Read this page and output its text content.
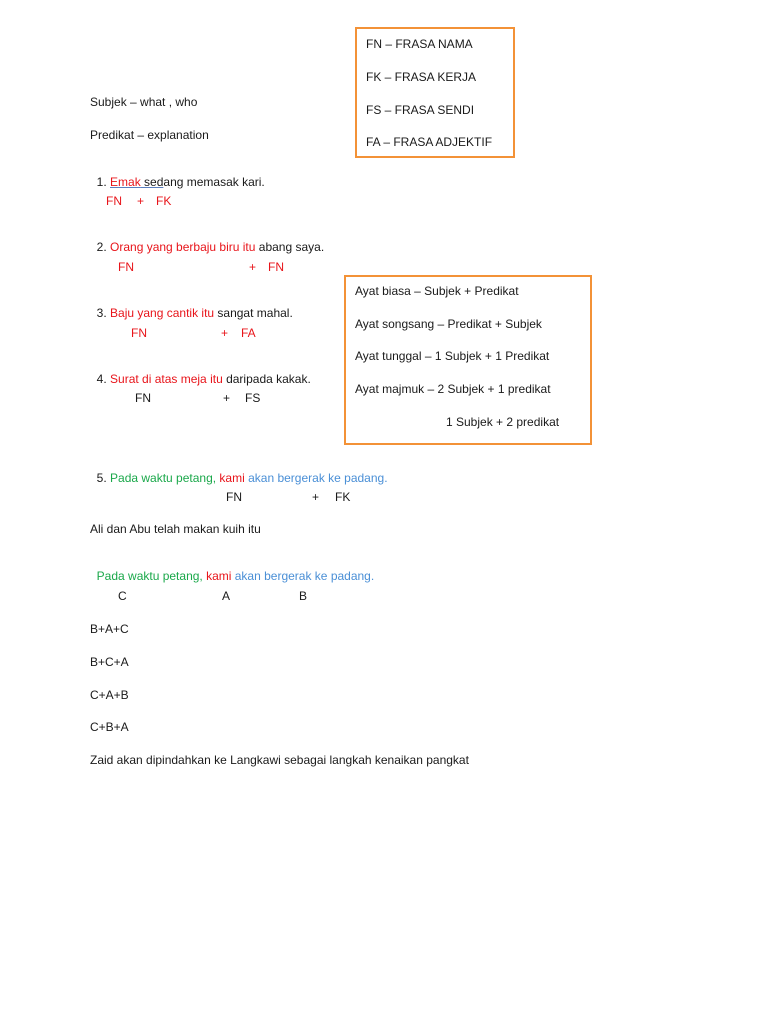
FN – FRASA NAMA
FK – FRASA KERJA
FS – FRASA SENDI
FA – FRASA ADJEKTIF
Subjek – what , who
Predikat – explanation

1. Emak sedang memasak kari.

FN + FK

2. Orang yang berbaju biru itu abang saya.

FN	+ FN
Ayat biasa – Subjek + Predikat
Ayat songsang – Predikat + Subjek
Ayat tunggal – 1 Subjek + 1 Predikat
Ayat majmuk – 2 Subjek + 1 predikat
1 Subjek + 2 predikat

3. Baju yang cantik itu sangat mahal.

FN	+ FA

4. Surat di atas meja itu daripada kakak.

FN	+ FS

5. Pada waktu petang, kami akan bergerak ke padang.

FN	+ FK
Ali dan Abu telah makan kuih itu

Pada waktu petang, kami akan bergerak ke padang.

C	A	B
B+A+C
B+C+A
C+A+B
C+B+A
Zaid akan dipindahkan ke Langkawi sebagai langkah kenaikan pangkat
